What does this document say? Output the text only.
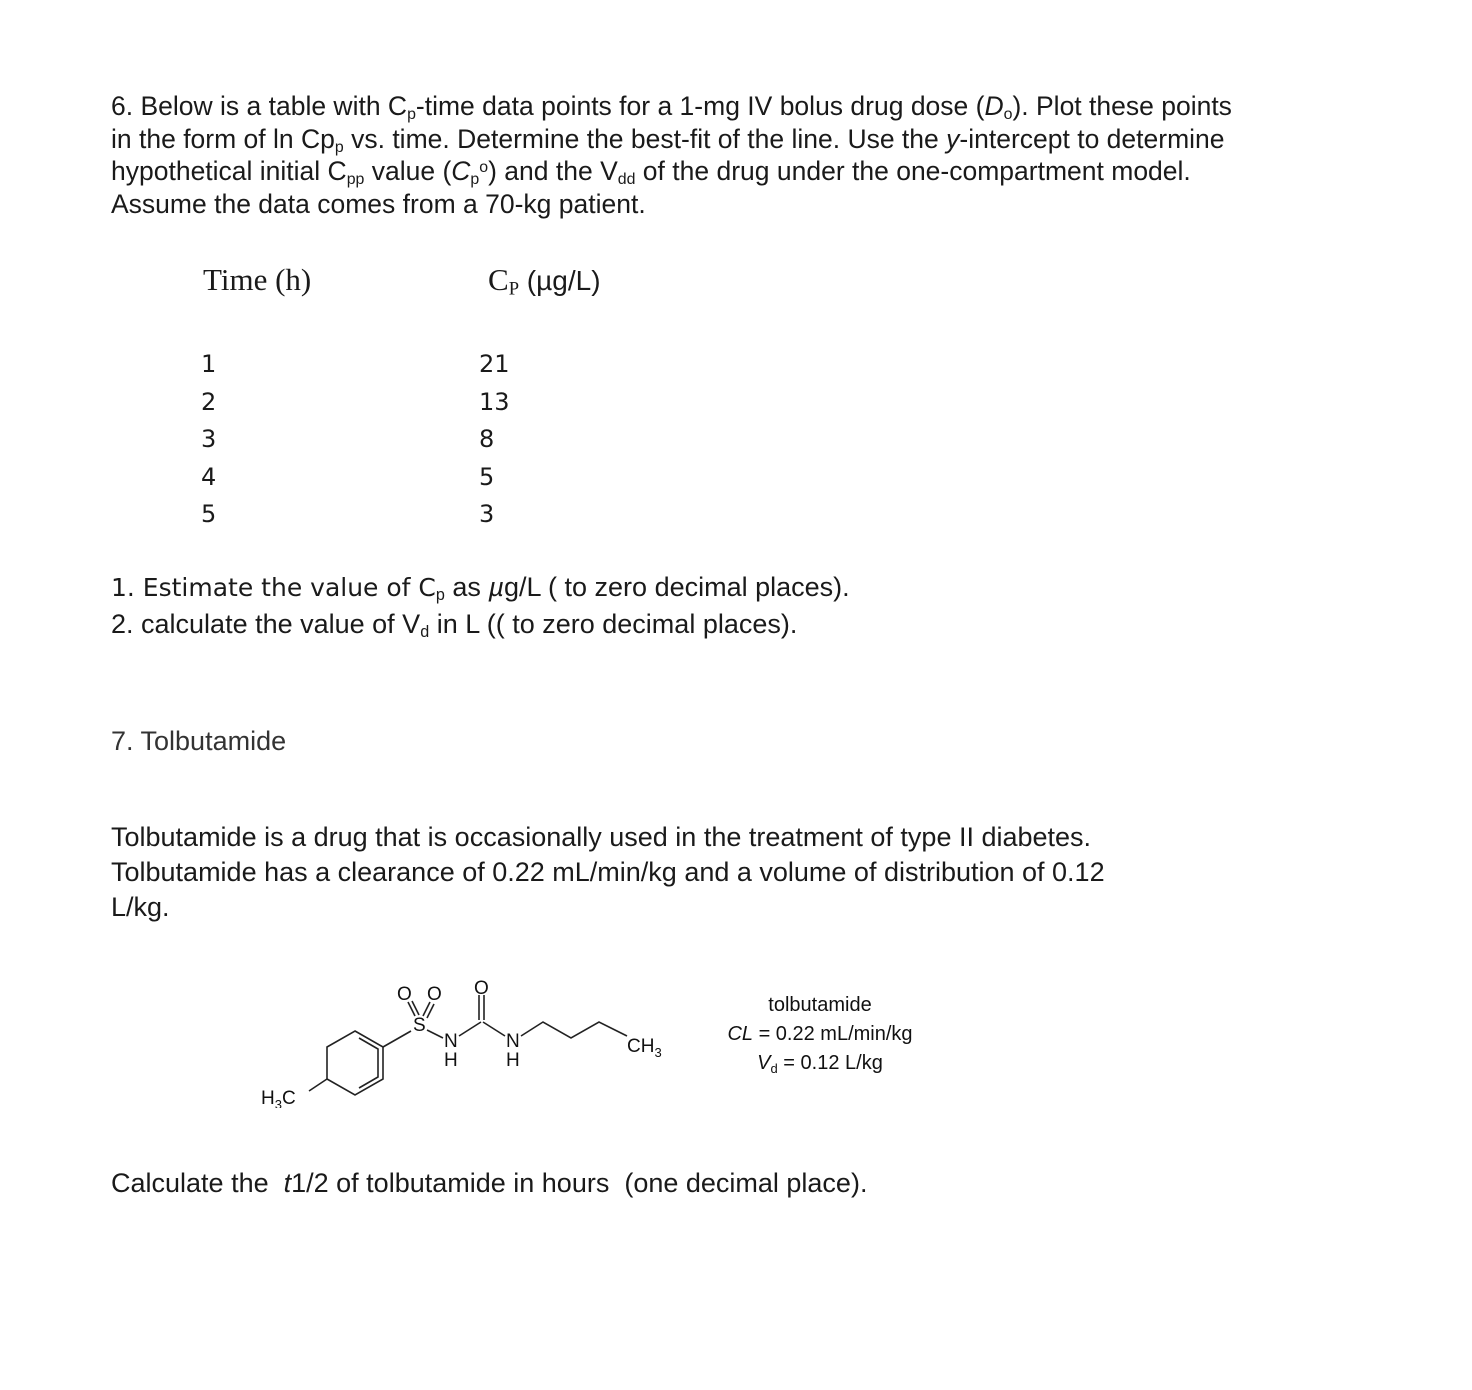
6. Below is a table with $C_p$-time data points for a 1-mg IV bolus drug dose $(D_o)$. Plot these points

in the form of $\ln Cp_p$ vs. time. Determine the best-fit of the line. Use the y-intercept to determine

hypothetical initial $C_{pp}$ value $(C_p^o)$ and the $V_{dd}$ of the drug under the one-compartment model.

Assume the data comes from a 70-kg patient.

Time (h)	$C_P$ (µg/L)
1
2
3
4
5
21
13
8
5
3
1. Estimate the value of $C_p$ as µg/L ( to zero decimal places).
2. calculate the value of $V_d$ in L (( to zero decimal places).
7. Tolbutamide

Tolbutamide is a drug that is occasionally used in the treatment of type II diabetes.

Tolbutamide has a clearance of 0.22 mL/min/kg and a volume of distribution of 0.12

L/kg.

O O O
S
N
H
N
H
$CH_3$
$H_3C$
tolbutamide
CL = 0.22 mL/min/kg
$V_d = 0.12$ L/kg
Calculate the  t1/2 of tolbutamide in hours  (one decimal place).
